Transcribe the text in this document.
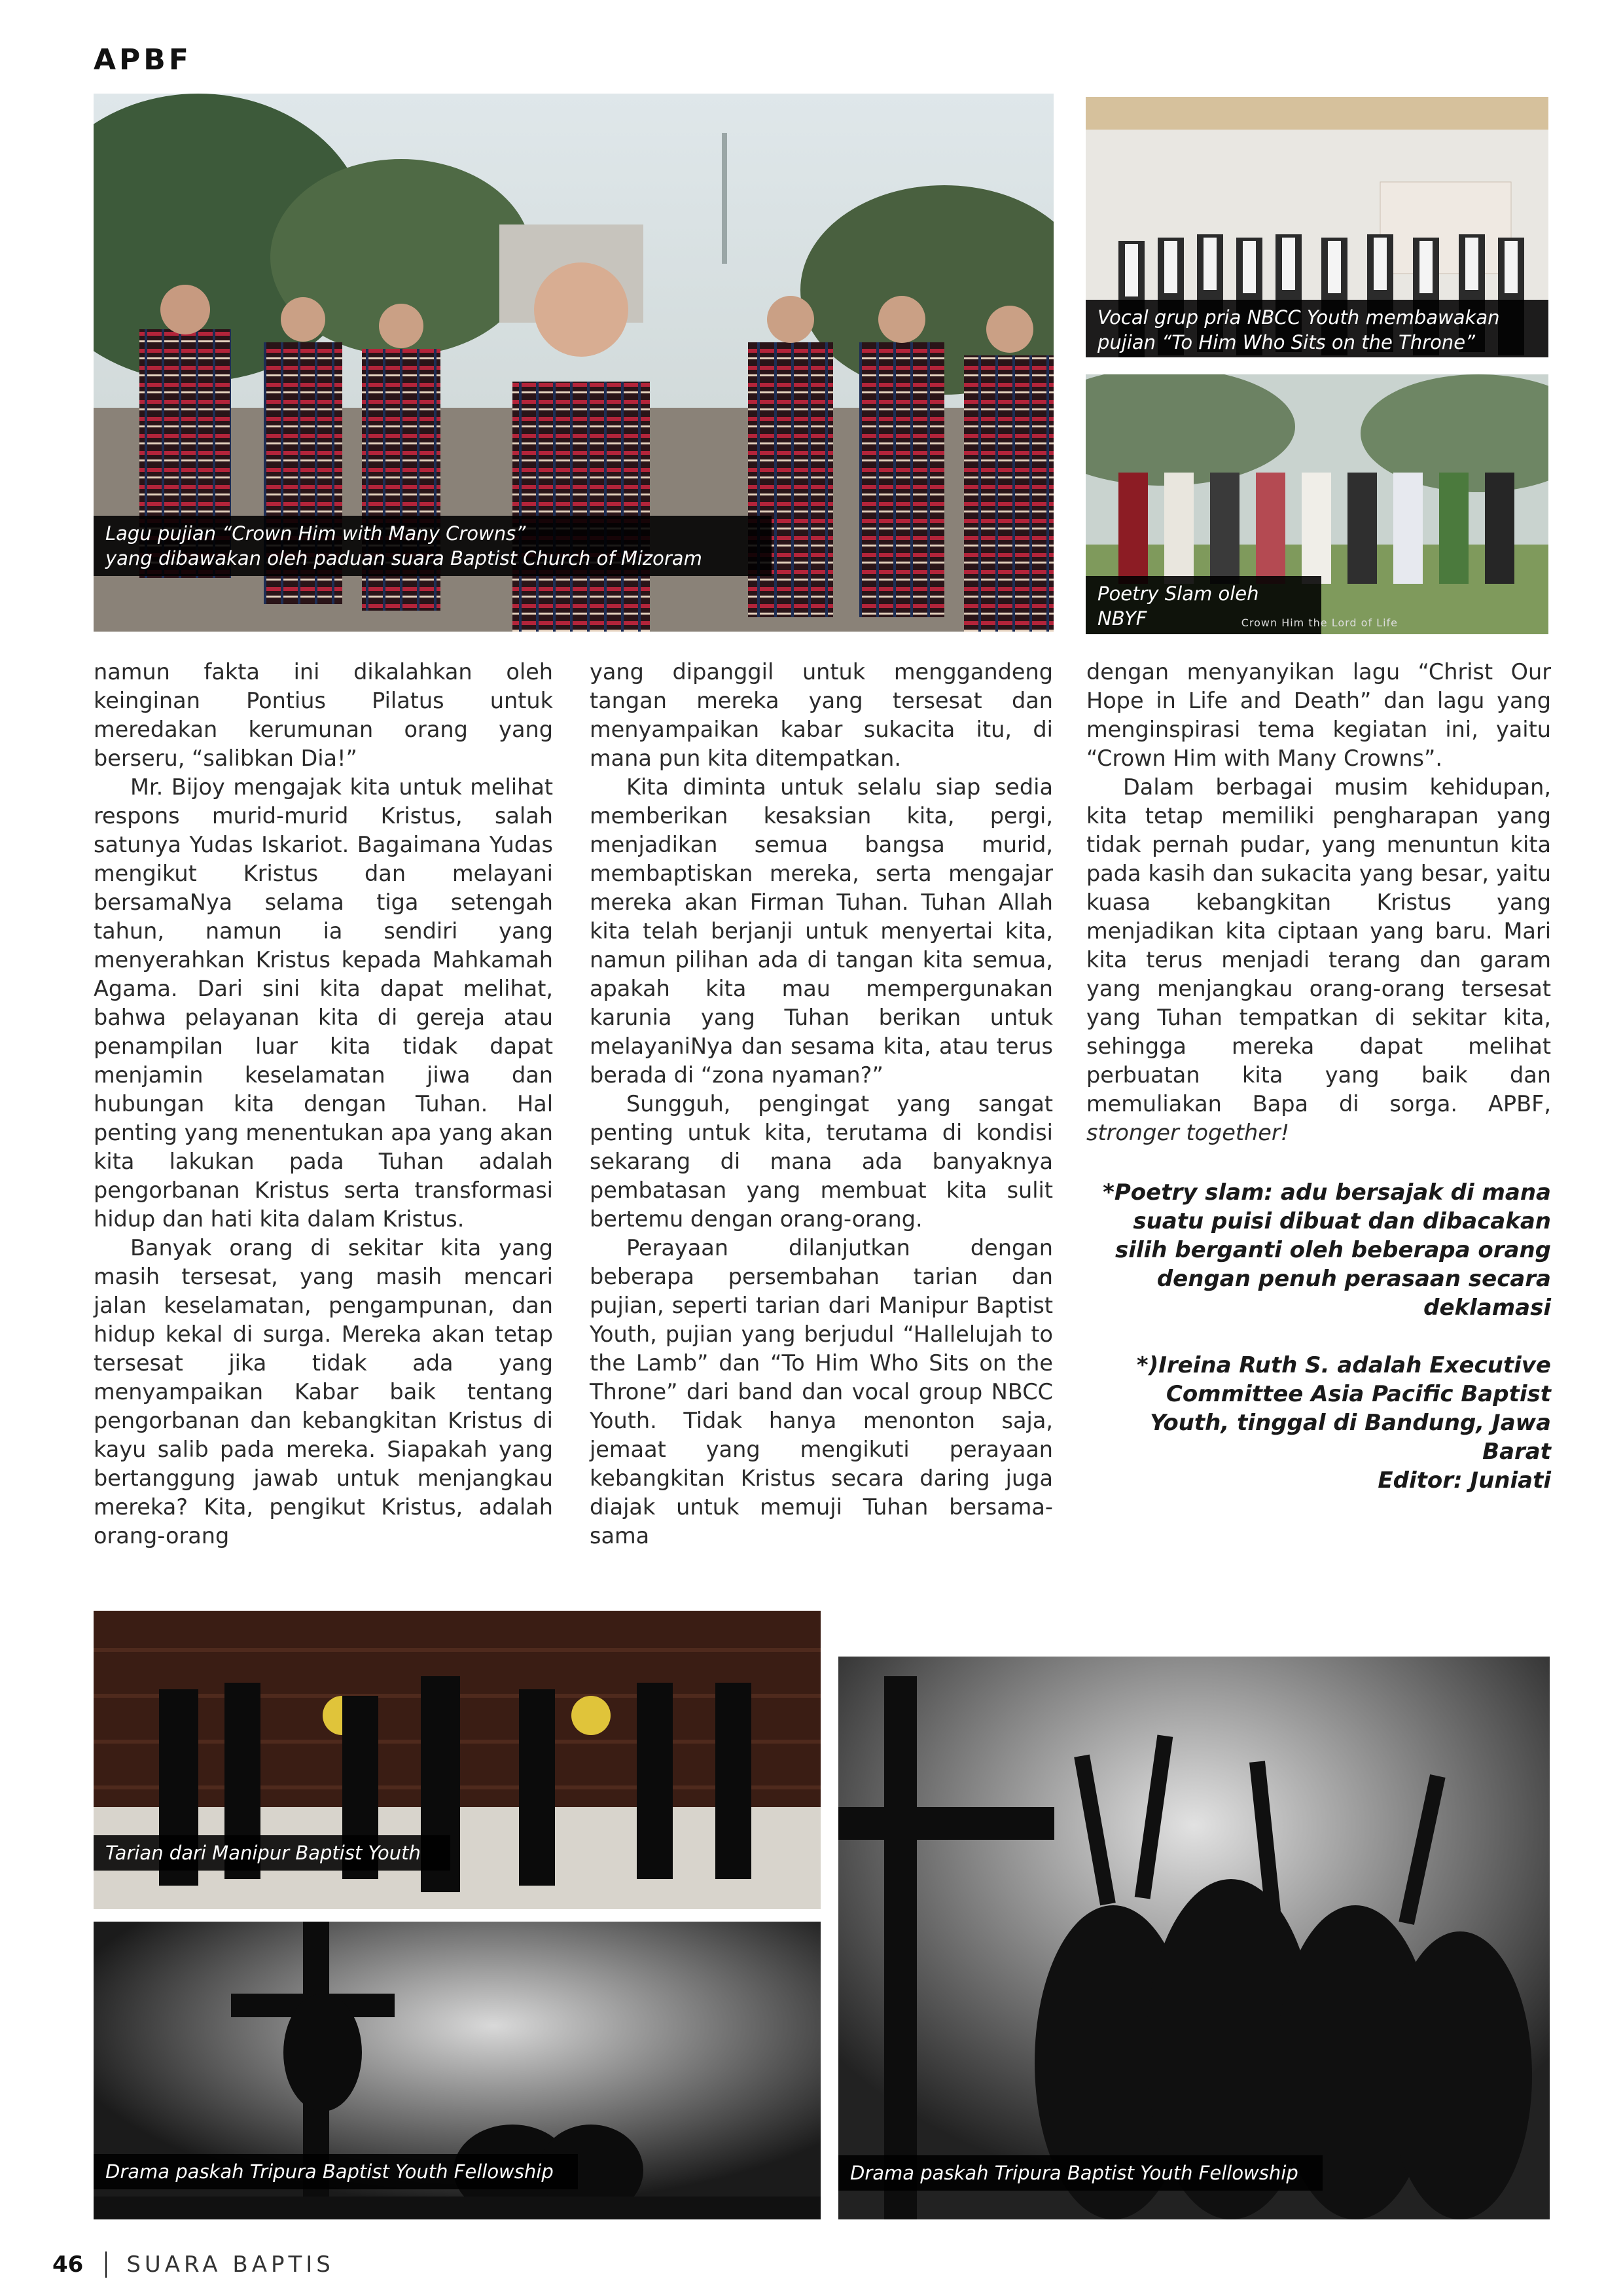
APBF
Lagu pujian “Crown Him with Many Crowns”
yang dibawakan oleh paduan suara Baptist Church of Mizoram
Vocal grup pria NBCC Youth membawakan
pujian “To Him Who Sits on the Throne”
Poetry Slam oleh NBYF	Crown Him the Lord of Life

namun fakta ini dikalahkan oleh keinginan Pontius Pilatus untuk meredakan kerumunan orang yang berseru, “salibkan Dia!”

Mr. Bijoy mengajak kita untuk melihat respons murid-murid Kristus, salah satunya Yudas Iskariot. Bagaimana Yudas mengikut Kristus dan melayani bersamaNya selama tiga setengah tahun, namun ia sendiri yang menyerahkan Kristus kepada Mahkamah Agama. Dari sini kita dapat melihat, bahwa pelayanan kita di gereja atau penampilan luar kita tidak dapat menjamin keselamatan jiwa dan hubungan kita dengan Tuhan. Hal penting yang menentukan apa yang akan kita lakukan pada Tuhan adalah pengorbanan Kristus serta transformasi hidup dan hati kita dalam Kristus.

Banyak orang di sekitar kita yang masih tersesat, yang masih mencari jalan keselamatan, pengampunan, dan hidup kekal di surga. Mereka akan tetap tersesat jika tidak ada yang menyampaikan Kabar baik tentang pengorbanan dan kebangkitan Kristus di kayu salib pada mereka. Siapakah yang bertanggung jawab untuk menjangkau mereka? Kita, pengikut Kristus, adalah orang-orang

yang dipanggil untuk menggandeng tangan mereka yang tersesat dan menyampaikan kabar sukacita itu, di mana pun kita ditempatkan.

Kita diminta untuk selalu siap sedia memberikan kesaksian kita, pergi, menjadikan semua bangsa murid, membaptiskan mereka, serta mengajar mereka akan Firman Tuhan. Tuhan Allah kita telah berjanji untuk menyertai kita, namun pilihan ada di tangan kita semua, apakah kita mau mempergunakan karunia yang Tuhan berikan untuk melayaniNya dan sesama kita, atau terus berada di “zona nyaman?”

Sungguh, pengingat yang sangat penting untuk kita, terutama di kondisi sekarang di mana ada banyaknya pembatasan yang membuat kita sulit bertemu dengan orang-orang.

Perayaan dilanjutkan dengan beberapa persembahan tarian dan pujian, seperti tarian dari Manipur Baptist Youth, pujian yang berjudul “Hallelujah to the Lamb” dan “To Him Who Sits on the Throne” dari band dan vocal group NBCC Youth. Tidak hanya menonton saja, jemaat yang mengikuti perayaan kebangkitan Kristus secara daring juga diajak untuk memuji Tuhan bersama-sama

dengan menyanyikan lagu “Christ Our Hope in Life and Death” dan lagu yang menginspirasi tema kegiatan ini, yaitu “Crown Him with Many Crowns”.

Dalam berbagai musim kehidupan, kita tetap memiliki pengharapan yang tidak pernah pudar, yang menuntun kita pada kasih dan sukacita yang besar, yaitu kuasa kebangkitan Kristus yang menjadikan kita ciptaan yang baru. Mari kita terus menjadi terang dan garam yang menjangkau orang-orang tersesat yang Tuhan tempatkan di sekitar kita, sehingga mereka dapat melihat perbuatan kita yang baik dan memuliakan Bapa di sorga. APBF, stronger together!

*Poetry slam: adu bersajak di mana suatu puisi dibuat dan dibacakan silih berganti oleh beberapa orang dengan penuh perasaan secara deklamasi

*)Ireina Ruth S. adalah Executive Committee Asia Pacific Baptist Youth, tinggal di Bandung, Jawa Barat

Editor: Juniati

Tarian dari Manipur Baptist Youth
Drama paskah Tripura Baptist Youth Fellowship	Drama paskah Tripura Baptist Youth Fellowship
46 SUARA BAPTIS
